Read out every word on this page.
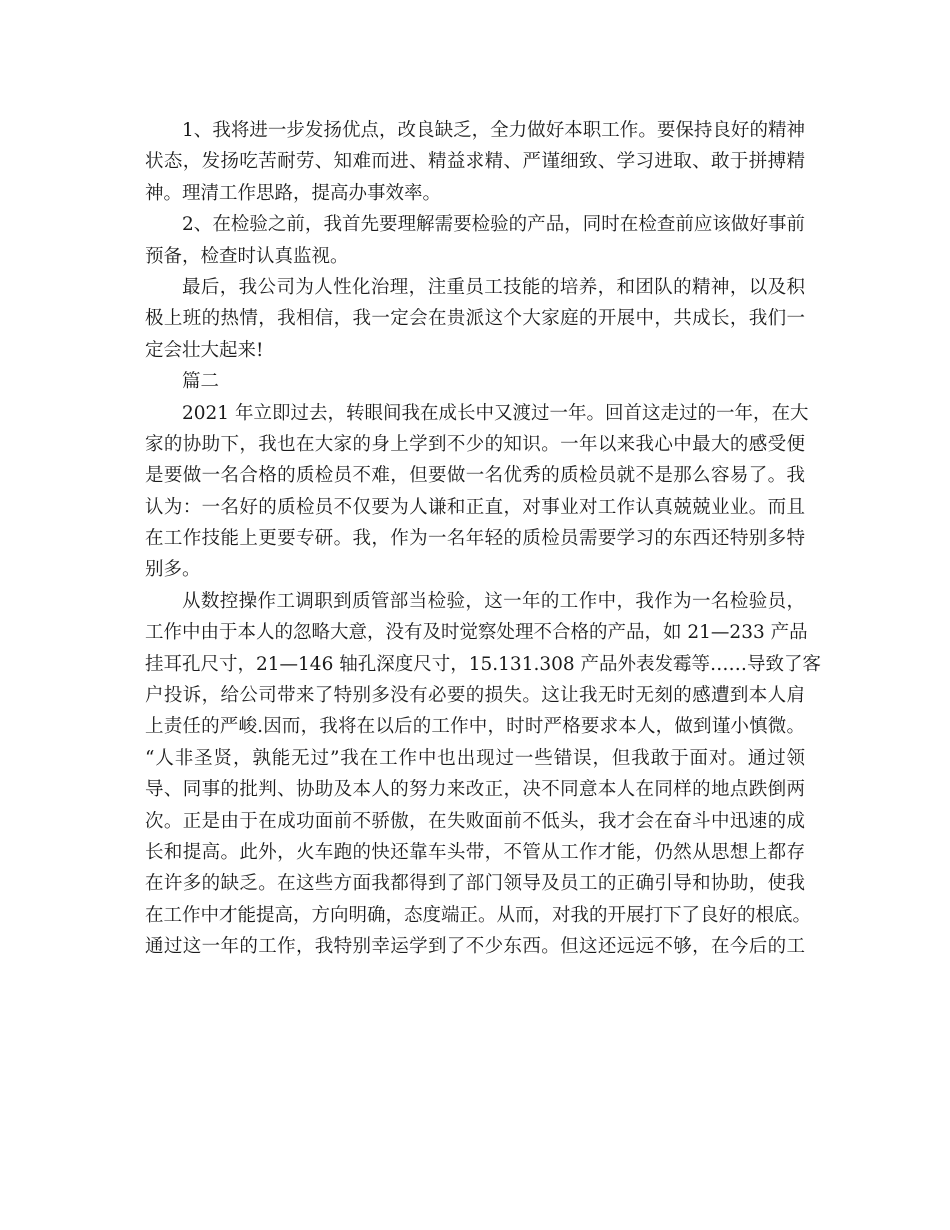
1、我将进一步发扬优点，改良缺乏，全力做好本职工作。要保持良好的精神
状态，发扬吃苦耐劳、知难而进、精益求精、严谨细致、学习进取、敢于拼搏精
神。理清工作思路，提高办事效率。
2、在检验之前，我首先要理解需要检验的产品，同时在检查前应该做好事前
预备，检查时认真监视。
最后，我公司为人性化治理，注重员工技能的培养，和团队的精神，以及积
极上班的热情，我相信，我一定会在贵派这个大家庭的开展中，共成长，我们一
定会壮大起来!
篇二
2021 年立即过去，转眼间我在成长中又渡过一年。回首这走过的一年，在大
家的协助下，我也在大家的身上学到不少的知识。一年以来我心中最大的感受便
是要做一名合格的质检员不难，但要做一名优秀的质检员就不是那么容易了。我
认为：一名好的质检员不仅要为人谦和正直，对事业对工作认真兢兢业业。而且
在工作技能上更要专研。我，作为一名年轻的质检员需要学习的东西还特别多特
别多。
从数控操作工调职到质管部当检验，这一年的工作中，我作为一名检验员，
工作中由于本人的忽略大意，没有及时觉察处理不合格的产品，如 21—233 产品
挂耳孔尺寸，21—146 轴孔深度尺寸，15.131.308 产品外表发霉等……导致了客
户投诉，给公司带来了特别多没有必要的损失。这让我无时无刻的感遭到本人肩
上责任的严峻.因而，我将在以后的工作中，时时严格要求本人，做到谨小慎微。
“人非圣贤，孰能无过”我在工作中也出现过一些错误，但我敢于面对。通过领
导、同事的批判、协助及本人的努力来改正，决不同意本人在同样的地点跌倒两
次。正是由于在成功面前不骄傲，在失败面前不低头，我才会在奋斗中迅速的成
长和提高。此外，火车跑的快还靠车头带，不管从工作才能，仍然从思想上都存
在许多的缺乏。在这些方面我都得到了部门领导及员工的正确引导和协助，使我
在工作中才能提高，方向明确，态度端正。从而，对我的开展打下了良好的根底。
通过这一年的工作，我特别幸运学到了不少东西。但这还远远不够，在今后的工
